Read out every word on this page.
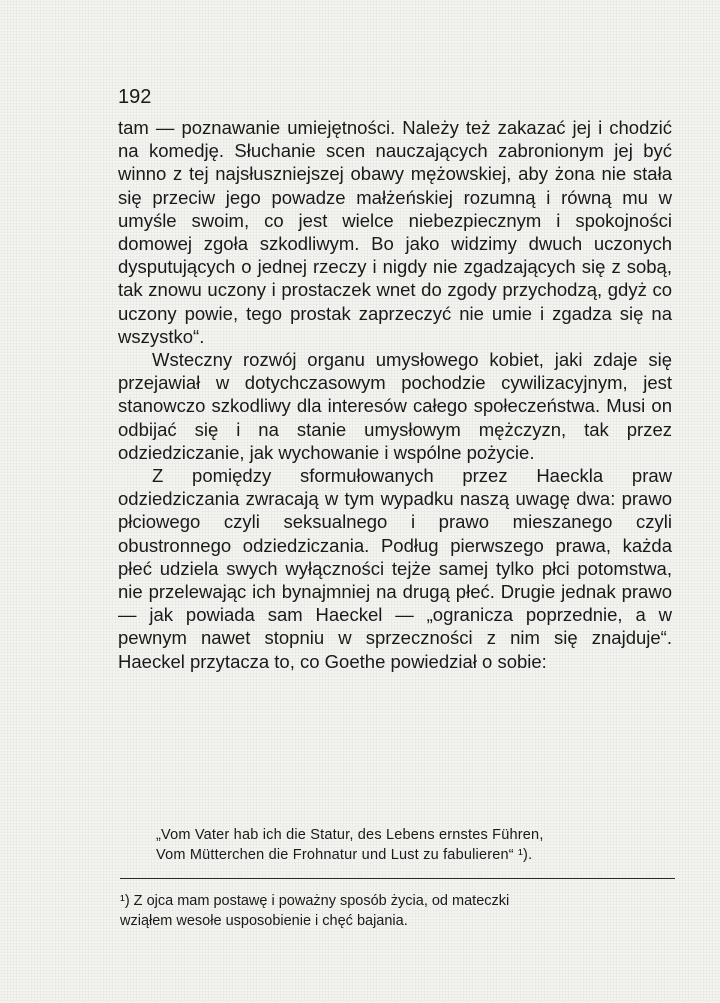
192

tam — poznawanie umiejętności. Należy też zakazać jej i chodzić na komedję. Słuchanie scen nauczających zabronionym jej być winno z tej najsłuszniejszej obawy mężowskiej, aby żona nie stała się przeciw jego powadze małżeńskiej rozumną i równą mu w umyśle swoim, co jest wielce niebezpiecznym i spokojności domowej zgoła szkodliwym. Bo jako widzimy dwuch uczonych dysputujących o jednej rzeczy i nigdy nie zgadzających się z sobą, tak znowu uczony i prostaczek wnet do zgody przychodzą, gdyż co uczony powie, tego prostak zaprzeczyć nie umie i zgadza się na wszystko“.

Wsteczny rozwój organu umysłowego kobiet, jaki zdaje się przejawiał w dotychczasowym pochodzie cywilizacyjnym, jest stanowczo szkodliwy dla interesów całego społeczeństwa. Musi on odbijać się i na stanie umysłowym mężczyzn, tak przez odziedziczanie, jak wychowanie i wspólne pożycie.

Z pomiędzy sformułowanych przez Haeckla praw odziedziczania zwracają w tym wypadku naszą uwagę dwa: prawo płciowego czyli seksualnego i prawo mieszanego czyli obustronnego odziedziczania. Podług pierwszego prawa, każda płeć udziela swych wyłączności tejże samej tylko płci potomstwa, nie przelewając ich bynajmniej na drugą płeć. Drugie jednak prawo — jak powiada sam Haeckel — „ogranicza poprzednie, a w pewnym nawet stopniu w sprzeczności z nim się znajduje“. Haeckel przytacza to, co Goethe powiedział o sobie:

„Vom Vater hab ich die Statur, des Lebens ernstes Führen,
Vom Mütterchen die Frohnatur und Lust zu fabulieren“ ¹).
¹) Z ojca mam postawę i poważny sposób życia, od mateczki
wziąłem wesołe usposobienie i chęć bajania.
